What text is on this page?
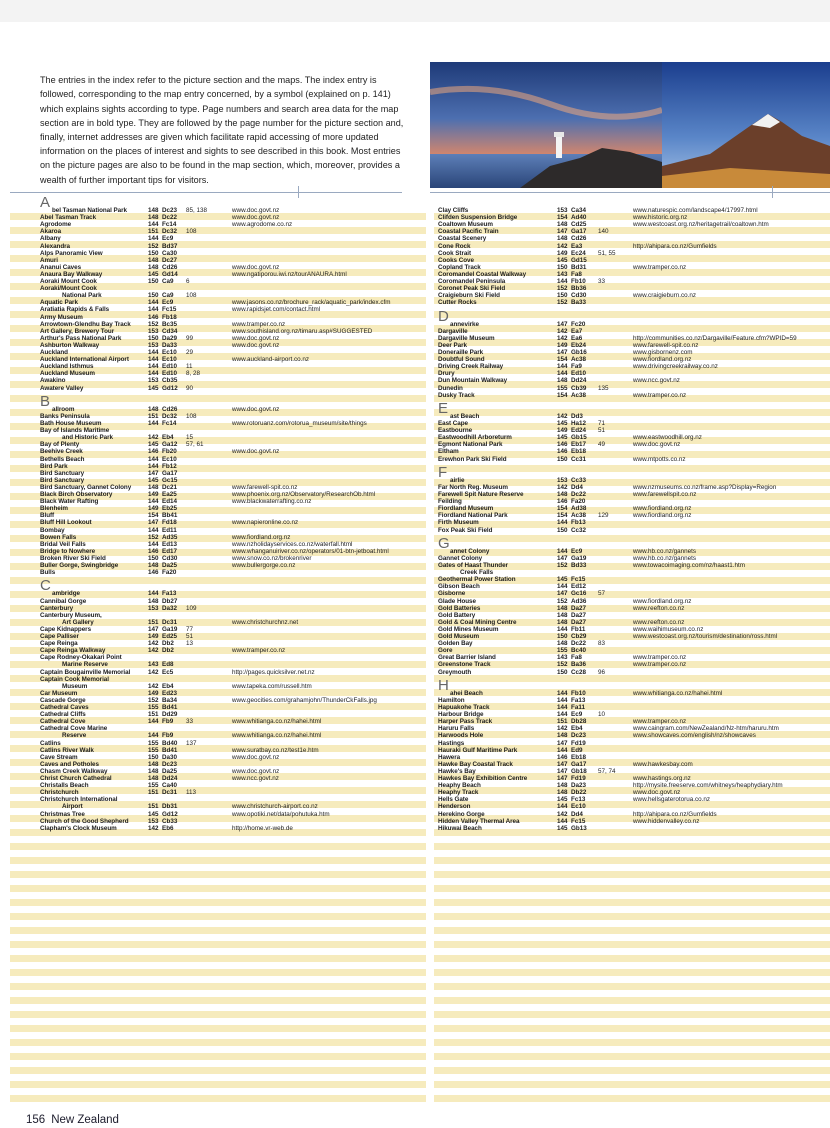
The entries in the index refer to the picture section and the maps. The index entry is followed, corresponding to the map entry concerned, by a symbol (explained on p. 141) which explains sights according to type. Page numbers and search area data for the map section are in bold type. They are followed by the page number for the picture section and, finally, internet addresses are given which facilitate rapid accessing of more updated information on the places of interest and sights to see described in this book. Most entries on the picture pages are also to be found in the map section, which, moreover, provides a wealth of further important tips for visitors.

A bel Tasman National Park	148 Dc23 85, 138	www.doc.govt.nz
Abel Tasman Track	148 Dc22	www.doc.govt.nz
Agrodome	144 Fc14	www.agrodome.co.nz
Akaroa	151 Dc32 108
Albany	144 Ec9
Alexandra	152 Bd37
Alps Panoramic View	150 Ca30
Amuri	148 Dc27
Ananui Caves	148 Cd26	www.doc.govt.nz
Anaura Bay Walkway	145 Gd14	www.ngatiporou.iwi.nz/tourANAURA.html
Aoraki Mount Cook	150 Ca9 6
Aoraki/Mount Cook
National Park	150 Ca9 108
Aquatic Park	144 Ec9	www.jasons.co.nz/brochure_rack/aquatic_park/index.cfm
Aratiatia Rapids & Falls	144 Fc15	www.rapidsjet.com/contact.html
Army Museum	146 Fb18
Arrowtown-Glendhu Bay Track	152 Bc35	www.tramper.co.nz
Art Gallery, Brewery Tour	153 Cd34	www.southisland.org.nz/timaru.asp#SUGGESTED
Arthur's Pass National Park	150 Da29 99	www.doc.govt.nz
Ashburton Walkway	153 Da33	www.doc.govt.nz
Auckland	144 Ec10 29
Auckland International Airport	144 Ec10	www.auckland-airport.co.nz
Auckland Isthmus	144 Ed10 11
Auckland Museum	144 Ed10 8, 28
Awakino	153 Cb35
Awatere Valley	145 Gd12 90
B allroom	148 Cd26	www.doc.govt.nz
Banks Peninsula	151 Dc32 108
Bath House Museum	144 Fc14	www.rotoruanz.com/rotorua_museum/site/things
Bay of Islands Maritime
and Historic Park	142 Eb4 15
Bay of Plenty	145 Ga12 57, 61
Beehive Creek	146 Fb20	www.doc.govt.nz
Bethells Beach	144 Ec10
Bird Park	144 Fb12
Bird Sanctuary	147 Ga17
Bird Sanctuary	145 Gc15
Bird Sanctuary, Gannet Colony	148 Dc21	www.farewell-spit.co.nz
Black Birch Observatory	149 Ea25	www.phoenix.org.nz/Observatory/ResearchOb.html
Black Water Rafting	144 Ed14	www.blackwaterrafting.co.nz
Blenheim	149 Eb25
Bluff	154 Bb41
Bluff Hill Lookout	147 Fd18	www.napieronline.co.nz
Bombay	144 Ed11
Bowen Falls	152 Ad35	www.fiordland.org.nz
Bridal Veil Falls	144 Ed13	www.nzholidayservices.co.nz/waterfall.html
Bridge to Nowhere	146 Ed17	www.whanganuiriver.co.nz/operators/01-btn-jetboat.html
Broken River Ski Field	150 Cd30	www.snow.co.nz/brokenriver
Buller Gorge, Swingbridge	148 Da25	www.bullergorge.co.nz
Bulls	146 Fa20
C ambridge	144 Fa13
Cannibal Gorge	148 Db27
Canterbury	153 Da32 109
Canterbury Museum,
Art Gallery	151 Dc31	www.christchurchnz.net
Cape Kidnappers	147 Ga19 77
Cape Palliser	149 Ed25 51
Cape Reinga	142 Db2 13
Cape Reinga Walkway	142 Db2	www.tramper.co.nz
Cape Rodney-Okakari Point
Marine Reserve	143 Ed8
Captain Bougainville Memorial	142 Ec5	http://pages.quicksilver.net.nz
Captain Cook Memorial
Museum	142 Eb4	www.tapeka.com/russell.htm
Car Museum	149 Ed23
Cascade Gorge	152 Ba34	www.geocities.com/grahamjohn/ThunderCkFalls.jpg
Cathedral Caves	155 Bd41
Cathedral Cliffs	151 Dd29
Cathedral Cove	144 Fb9 33	www.whitianga.co.nz/hahei.html
Cathedral Cove Marine
Reserve	144 Fb9	www.whitianga.co.nz/hahei.html
Catlins	155 Bd40 137
Catlins River Walk	155 Bd41	www.suratbay.co.nz/test1e.htm
Cave Stream	150 Da30	www.doc.govt.nz
Caves and Potholes	148 Dc23
Chasm Creek Walkway	148 Da25	www.doc.govt.nz
Christ Church Cathedral	148 Dd24	www.ncc.govt.nz
Christalls Beach	155 Ca40
Christchurch	151 Dc31 113
Christchurch International
Airport	151 Db31	www.christchurch-airport.co.nz
Christmas Tree	145 Gd12	www.opotiki.net/data/pohutuka.htm
Church of the Good Shepherd	153 Cb33
Clapham's Clock Museum	142 Eb6	http://home.vr-web.de
Clay Cliffs	153 Ca34	www.naturespic.com/landscape4/17997.html
Clifden Suspension Bridge	154 Ad40	www.historic.org.nz
Coaltown Museum	148 Cd25	www.westcoast.org.nz/heritagetrail/coaltown.htm
Coastal Pacific Train	147 Ga17 140
Coastal Scenery	148 Cd26
Cone Rock	142 Ea3	http://ahipara.co.nz/Gumfields
Cook Strait	149 Ec24 51, 55
Cooks Cove	145 Gd15
Copland Track	150 Bd31	www.tramper.co.nz
Coromandel Coastal Walkway	143 Fa8
Coromandel Peninsula	144 Fb10 33
Coronet Peak Ski Field	152 Bb36
Craigieburn Ski Field	150 Cd30	www.craigieburn.co.nz
Cutter Rocks	152 Ba33
D annevirke	147 Fc20
Dargaville	142 Ea7
Dargaville Museum	142 Ea6	http://communities.co.nz/Dargaville/Feature.cfm?WPID=59
Deer Park	149 Eb24	www.farewell-spit.co.nz
Doneraille Park	147 Gb16	www.gisbornenz.com
Doubtful Sound	154 Ac38	www.fiordland.org.nz
Driving Creek Railway	144 Fa9	www.drivingcreekrailway.co.nz
Drury	144 Ed10
Dun Mountain Walkway	148 Dd24	www.ncc.govt.nz
Dunedin	155 Cb39 135
Dusky Track	154 Ac38	www.tramper.co.nz
E ast Beach	142 Dd3
East Cape	145 Ha12 71
Eastbourne	149 Ed24 51
Eastwoodhill Arboreturm	145 Gb15	www.eastwoodhill.org.nz
Egmont National Park	146 Eb17 49	www.doc.govt.nz
Eltham	146 Eb18
Erewhon Park Ski Field	150 Cc31	www.mtpotts.co.nz
F airlie	153 Cc33
Far North Reg. Museum	142 Dd4	www.nzmuseums.co.nz/frame.asp?Display=Region
Farewell Spit Nature Reserve	148 Dc22	www.farewellspit.co.nz
Feilding	146 Fa20
Fiordland Museum	154 Ad38	www.fiordland.org.nz
Fiordland National Park	154 Ac38 129	www.fiordland.org.nz
Firth Museum	144 Fb13
Fox Peak Ski Field	150 Cc32
G annet Colony	144 Ec9	www.hb.co.nz/gannets
Gannet Colony	147 Ga19	www.hb.co.nz/gannets
Gates of Haast Thunder	152 Bd33	www.towacoimaging.com/nz/haast1.htm
Creek Falls
Geothermal Power Station	145 Fc15
Gibson Beach	144 Ed12
Gisborne	147 Gc16 57
Glade House	152 Ad36	www.fiordland.org.nz
Gold Batteries	148 Da27	www.reefton.co.nz
Gold Battery	148 Da27
Gold & Coal Mining Centre	148 Da27	www.reefton.co.nz
Gold Mines Museum	144 Fb11	www.waihimuseum.co.nz
Gold Museum	150 Cb29	www.westcoast.org.nz/tourism/destination/ross.html
Golden Bay	148 Dc22 83
Gore	155 Bc40
Great Barrier Island	143 Fa8	www.tramper.co.nz
Greenstone Track	152 Ba36	www.tramper.co.nz
Greymouth	150 Cc28 96
H ahei Beach	144 Fb10	www.whitianga.co.nz/hahei.html
Hamilton	144 Fa13
Hapuakohe Track	144 Fa11
Harbour Bridge	144 Ec9	10
Harper Pass Track	151 Db28	www.tramper.co.nz
Haruru Falls	142 Eb4	www.caingram.com/NewZealand/Nz-htm/haruru.htm
Harwoods Hole	148 Dc23	www.showcaves.com/english/nz/showcaves
Hastings	147 Fd19
Hauraki Gulf Maritime Park	144 Ed9
Hawera	146 Eb18
Hawke Bay Coastal Track	147 Ga17	www.hawkesbay.com
Hawke's Bay	147 Gb18 57, 74
Hawkes Bay Exhibition Centre	147 Fd19	www.hastings.org.nz
Heaphy Beach	148 Da23	http://mysite.freeserve.com/whitneys/heaphydiary.htm
Heaphy Track	148 Db22	www.doc.govt.nz
Hells Gate	145 Fc13	www.hellsgaterotorua.co.nz
Henderson	144 Ec10
Herekino Gorge	142 Dd4	http://ahipara.co.nz/Gumfields
Hidden Valley Thermal Area	144 Fc15	www.hiddenvalley.co.nz
Hikuwai Beach	145 Gb13
156 New Zealand
